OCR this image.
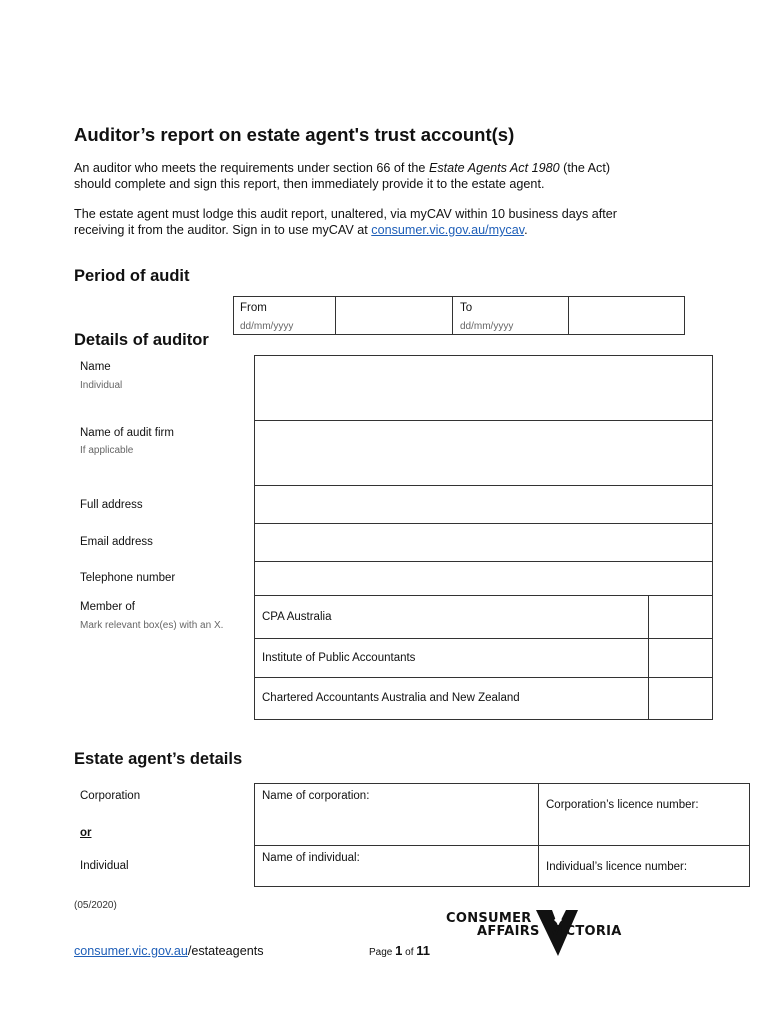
Auditor’s report on estate agent's trust account(s)
An auditor who meets the requirements under section 66 of the Estate Agents Act 1980 (the Act)
should complete and sign this report, then immediately provide it to the estate agent.
The estate agent must lodge this audit report, unaltered, via myCAV within 10 business days after
receiving it from the auditor. Sign in to use myCAV at consumer.vic.gov.au/mycav.
Period of audit
From
dd/mm/yyyy
To
dd/mm/yyyy
Details of auditor
Name
Individual
Name of audit firm
If applicable
Full address
Email address
Telephone number
Member of
Mark relevant box(es) with an X.
CPA Australia
Institute of Public Accountants
Chartered Accountants Australia and New Zealand
Estate agent’s details
Corporation
or
Individual
Name of corporation:
Corporation’s licence number:
Name of individual:
Individual’s licence number:
(05/2020)
consumer.vic.gov.au/estateagents	Page 1 of 11
CONSUMER
AFFAIRS VICTORIA
